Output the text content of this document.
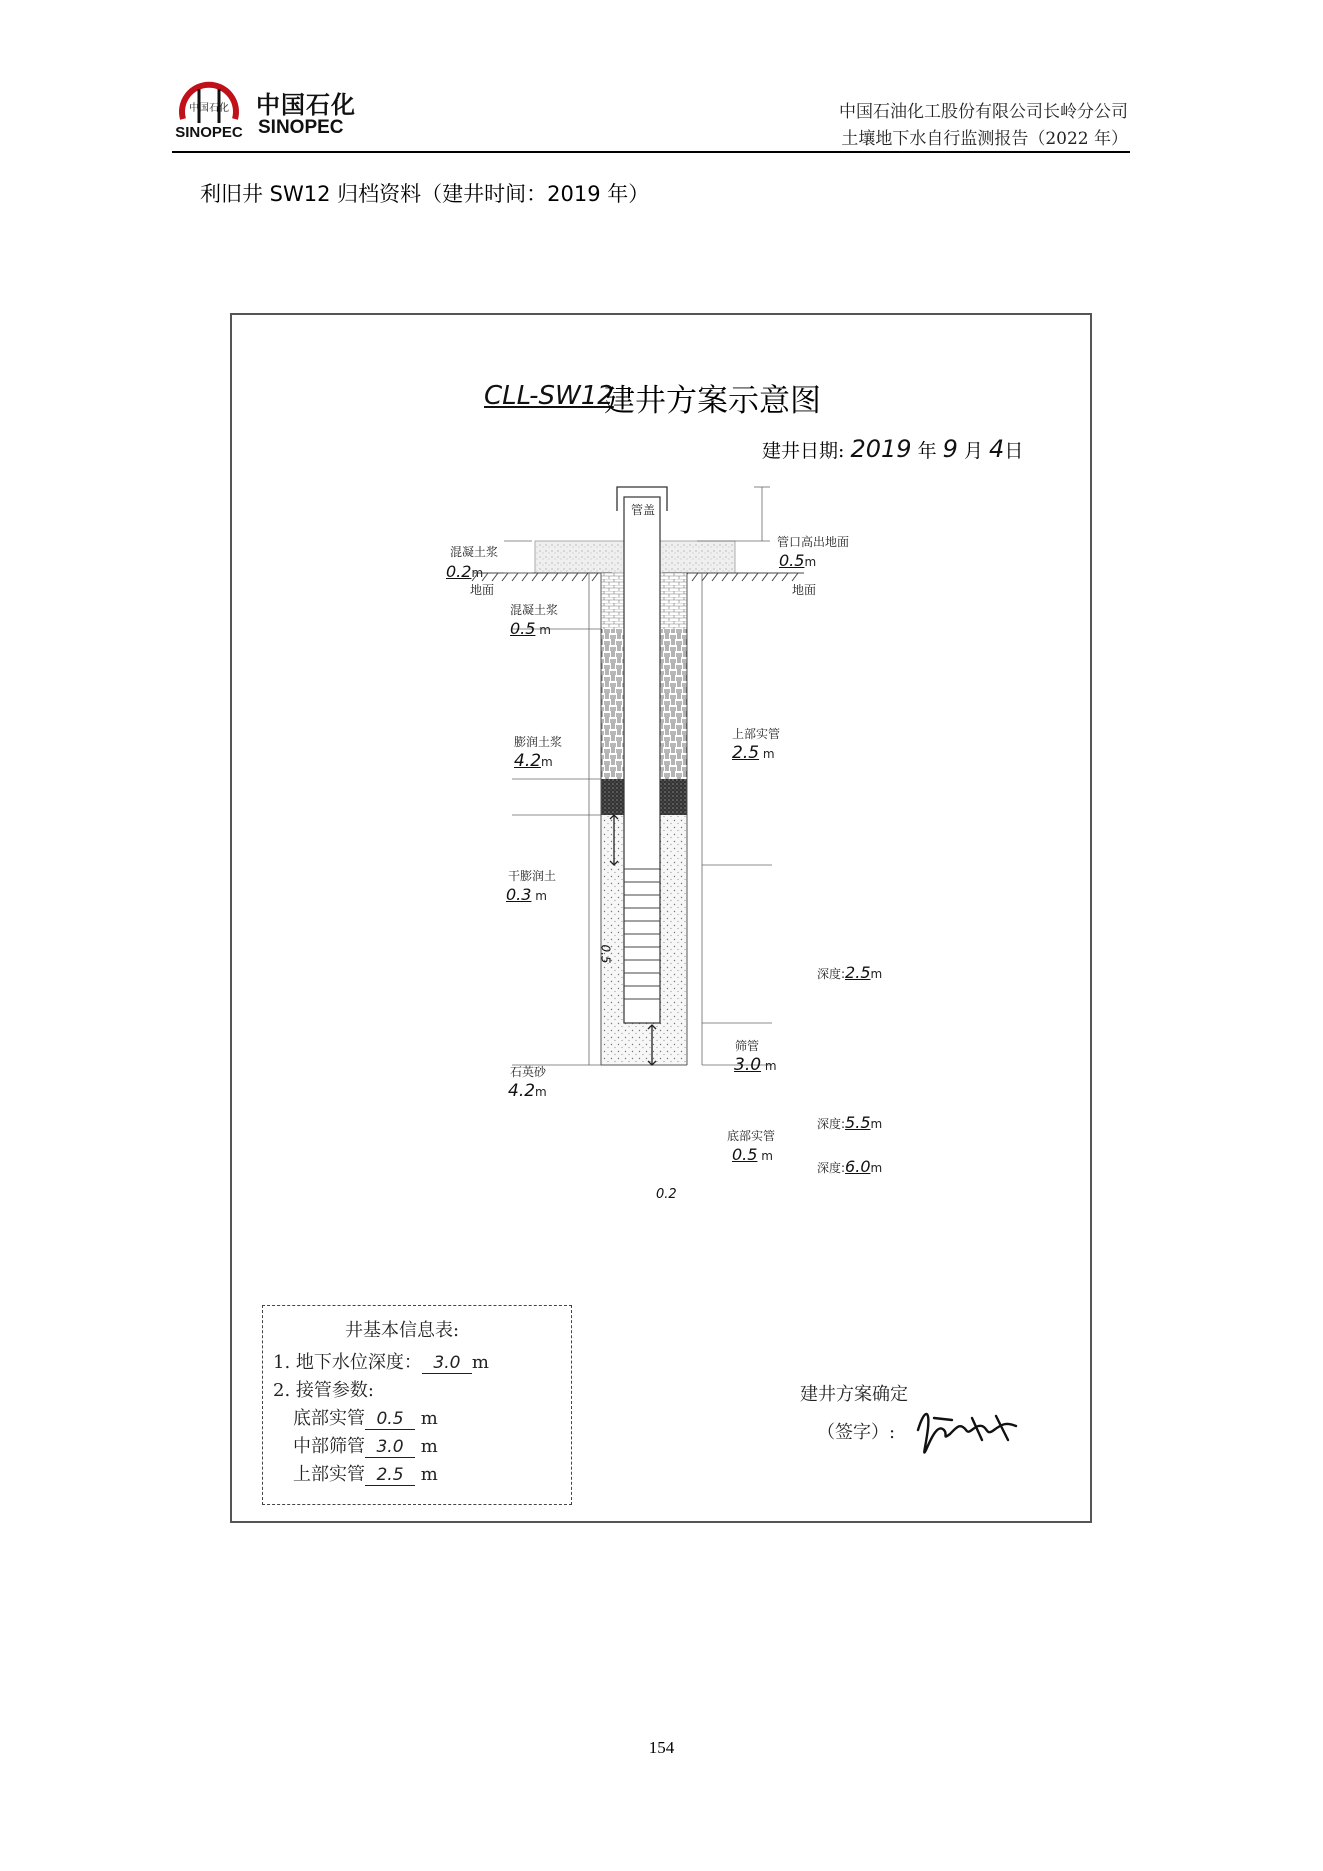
中国石化
SINOPEC
中国石化
SINOPEC
中国石油化工股份有限公司长岭分公司
土壤地下水自行监测报告（2022 年）
利旧井 SW12 归档资料（建井时间：2019 年）
CLL-SW12
建井方案示意图
建井日期: 2019 年 9 月 4日
管盖
混凝土浆
0.2m
地面
管口高出地面
0.5m
地面
混凝土浆
0.5 m
膨润土浆
4.2m
干膨润土
0.3 m
石英砂
4.2m
上部实管
2.5 m
筛管
3.0 m
底部实管
0.5 m
深度:2.5m
深度:5.5m
深度:6.0m
0.5
0.2
井基本信息表:
1. 地下水位深度： 3.0 m
2. 接管参数:
底部实管 0.5 m
中部筛管 3.0 m
上部实管 2.5 m
建井方案确定
（签字）:
154
